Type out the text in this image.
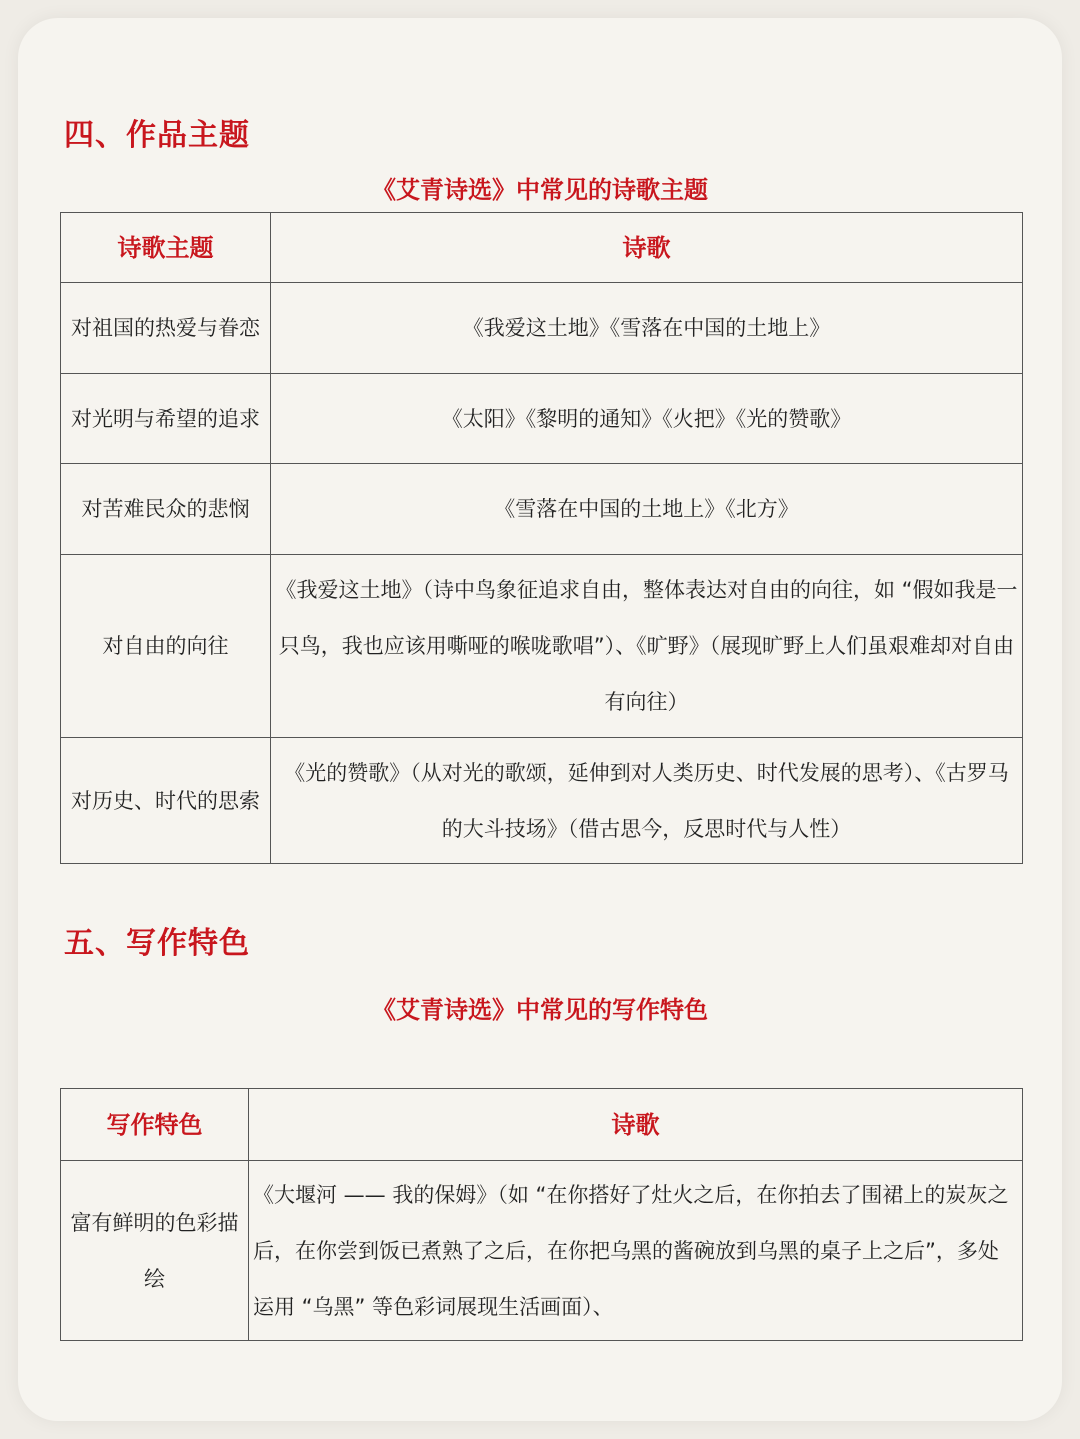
四、作品主题
《艾青诗选》中常见的诗歌主题
诗歌主题	诗歌
对祖国的热爱与眷恋	《我爱这土地》《雪落在中国的土地上》
对光明与希望的追求	《太阳》《黎明的通知》《火把》《光的赞歌》
对苦难民众的悲悯	《雪落在中国的土地上》《北方》
对自由的向往	《我爱这土地》（诗中鸟象征追求自由，整体表达对自由的向往，如 “假如我是一只鸟，我也应该用嘶哑的喉咙歌唱”）、《旷野》（展现旷野上人们虽艰难却对自由有向往）
对历史、时代的思索	《光的赞歌》（从对光的歌颂，延伸到对人类历史、时代发展的思考）、《古罗马的大斗技场》（借古思今，反思时代与人性）
五、写作特色
《艾青诗选》中常见的写作特色
写作特色	诗歌
富有鲜明的色彩描绘	《大堰河 —— 我的保姆》（如 “在你搭好了灶火之后，在你拍去了围裙上的炭灰之后，在你尝到饭已煮熟了之后，在你把乌黑的酱碗放到乌黑的桌子上之后”，多处运用 “乌黑” 等色彩词展现生活画面）、
